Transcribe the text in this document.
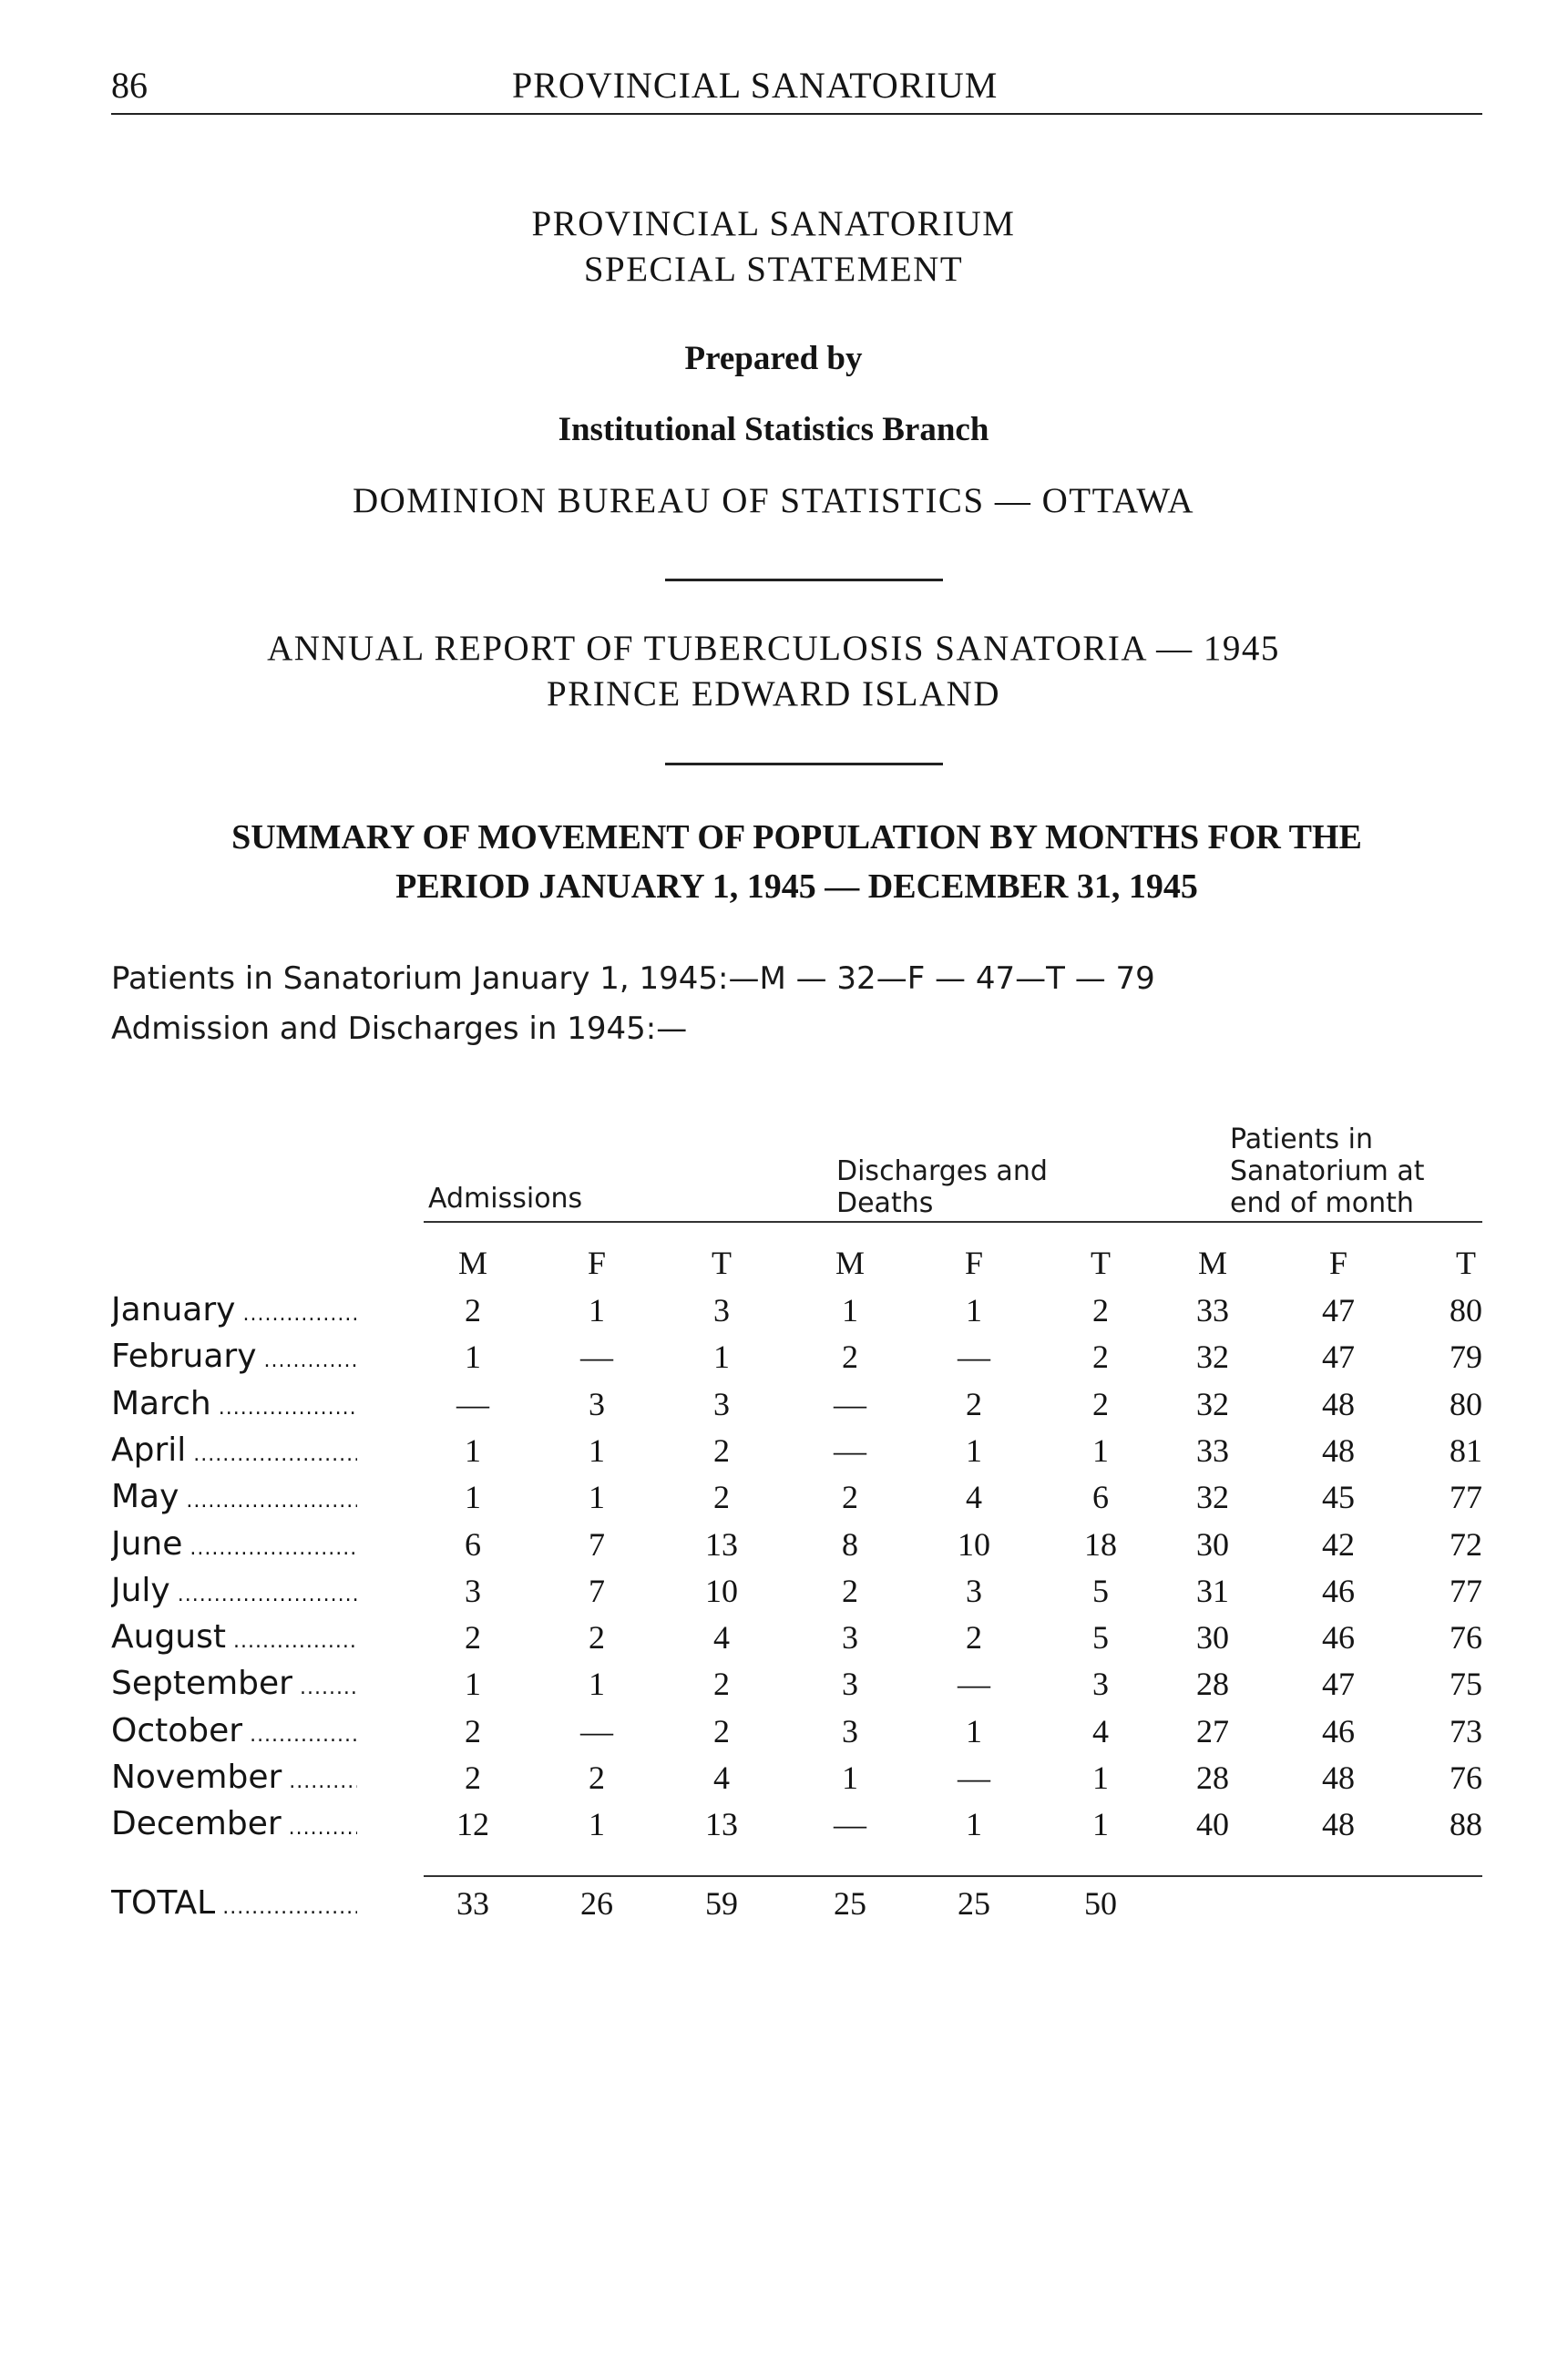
86	PROVINCIAL SANATORIUM
PROVINCIAL SANATORIUM
SPECIAL STATEMENT
Prepared by
Institutional Statistics Branch
DOMINION BUREAU OF STATISTICS — OTTAWA
ANNUAL REPORT OF TUBERCULOSIS SANATORIA — 1945
PRINCE EDWARD ISLAND
SUMMARY OF MOVEMENT OF POPULATION BY MONTHS FOR THE
PERIOD JANUARY 1, 1945 — DECEMBER 31, 1945
Patients in Sanatorium January 1, 1945:—M — 32—F — 47—T — 79
Admission and Discharges in 1945:—
Admissions
Discharges and
Deaths
Patients in
Sanatorium at
end of month
M	F	T	M	F	T	M	F	T
January .....	2	1	3	1	1	2	33	47	80
February .....	1	—	1	2	—	2	32	47	79
March .....	—	3	3	—	2	2	32	48	80
April .....	1	1	2	—	1	1	33	48	81
May .....	1	1	2	2	4	6	32	45	77
June .....	6	7	13	8	10	18	30	42	72
July .....	3	7	10	2	3	5	31	46	77
August .....	2	2	4	3	2	5	30	46	76
September .....	1	1	2	3	—	3	28	47	75
October .....	2	—	2	3	1	4	27	46	73
November .....	2	2	4	1	—	1	28	48	76
December .....	12	1	13	—	1	1	40	48	88
TOTAL .....	33	26	59	25	25	50
